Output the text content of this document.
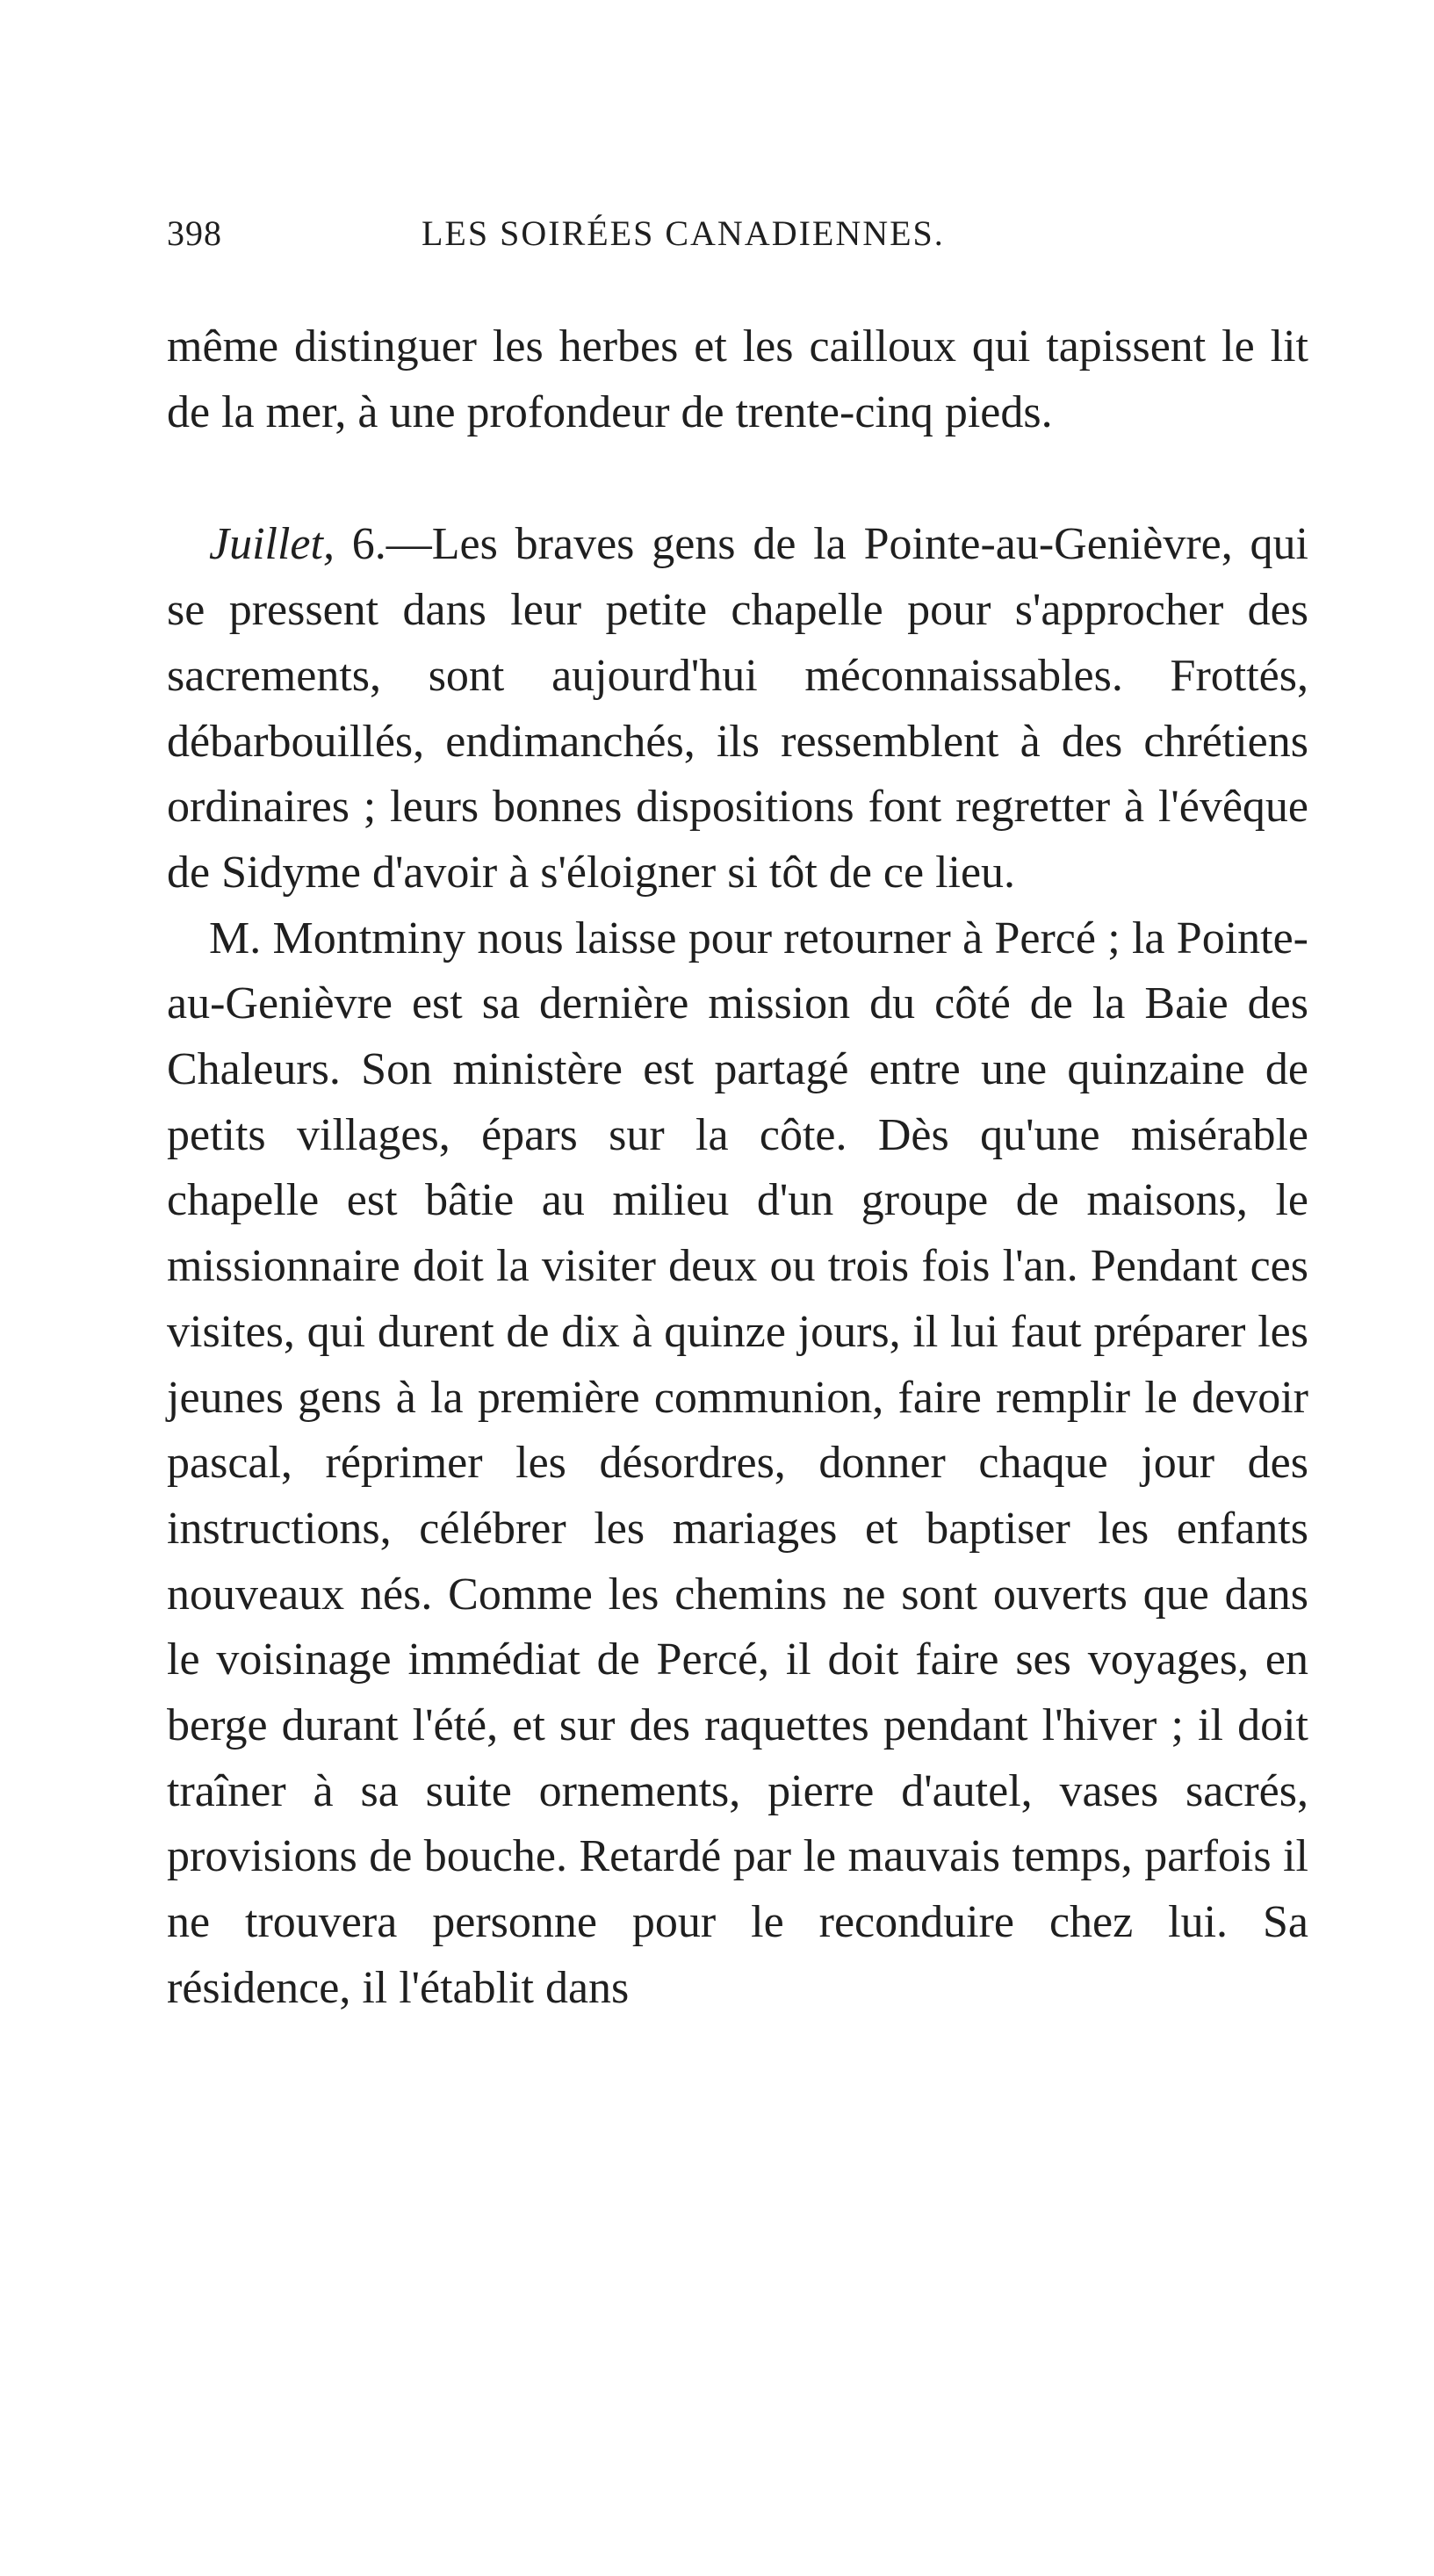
398	LES SOIRÉES CANADIENNES.

même distinguer les herbes et les cailloux qui tapissent le lit de la mer, à une profondeur de trente-cinq pieds.

Juillet, 6.—Les braves gens de la Pointe-au-Genièvre, qui se pressent dans leur petite chapelle pour s'approcher des sacrements, sont aujourd'hui méconnaissables. Frottés, débarbouillés, endimanchés, ils ressemblent à des chrétiens ordinaires ; leurs bonnes dispositions font regretter à l'évêque de Sidyme d'avoir à s'éloigner si tôt de ce lieu.

M. Montminy nous laisse pour retourner à Percé ; la Pointe-au-Genièvre est sa dernière mission du côté de la Baie des Chaleurs. Son ministère est partagé entre une quinzaine de petits villages, épars sur la côte. Dès qu'une misérable chapelle est bâtie au milieu d'un groupe de maisons, le missionnaire doit la visiter deux ou trois fois l'an. Pendant ces visites, qui durent de dix à quinze jours, il lui faut préparer les jeunes gens à la première communion, faire remplir le devoir pascal, réprimer les désordres, donner chaque jour des instructions, célébrer les mariages et baptiser les enfants nouveaux nés. Comme les chemins ne sont ouverts que dans le voisinage immédiat de Percé, il doit faire ses voyages, en berge durant l'été, et sur des raquettes pendant l'hiver ; il doit traîner à sa suite ornements, pierre d'autel, vases sacrés, provisions de bouche. Retardé par le mauvais temps, parfois il ne trouvera personne pour le reconduire chez lui. Sa résidence, il l'établit dans
